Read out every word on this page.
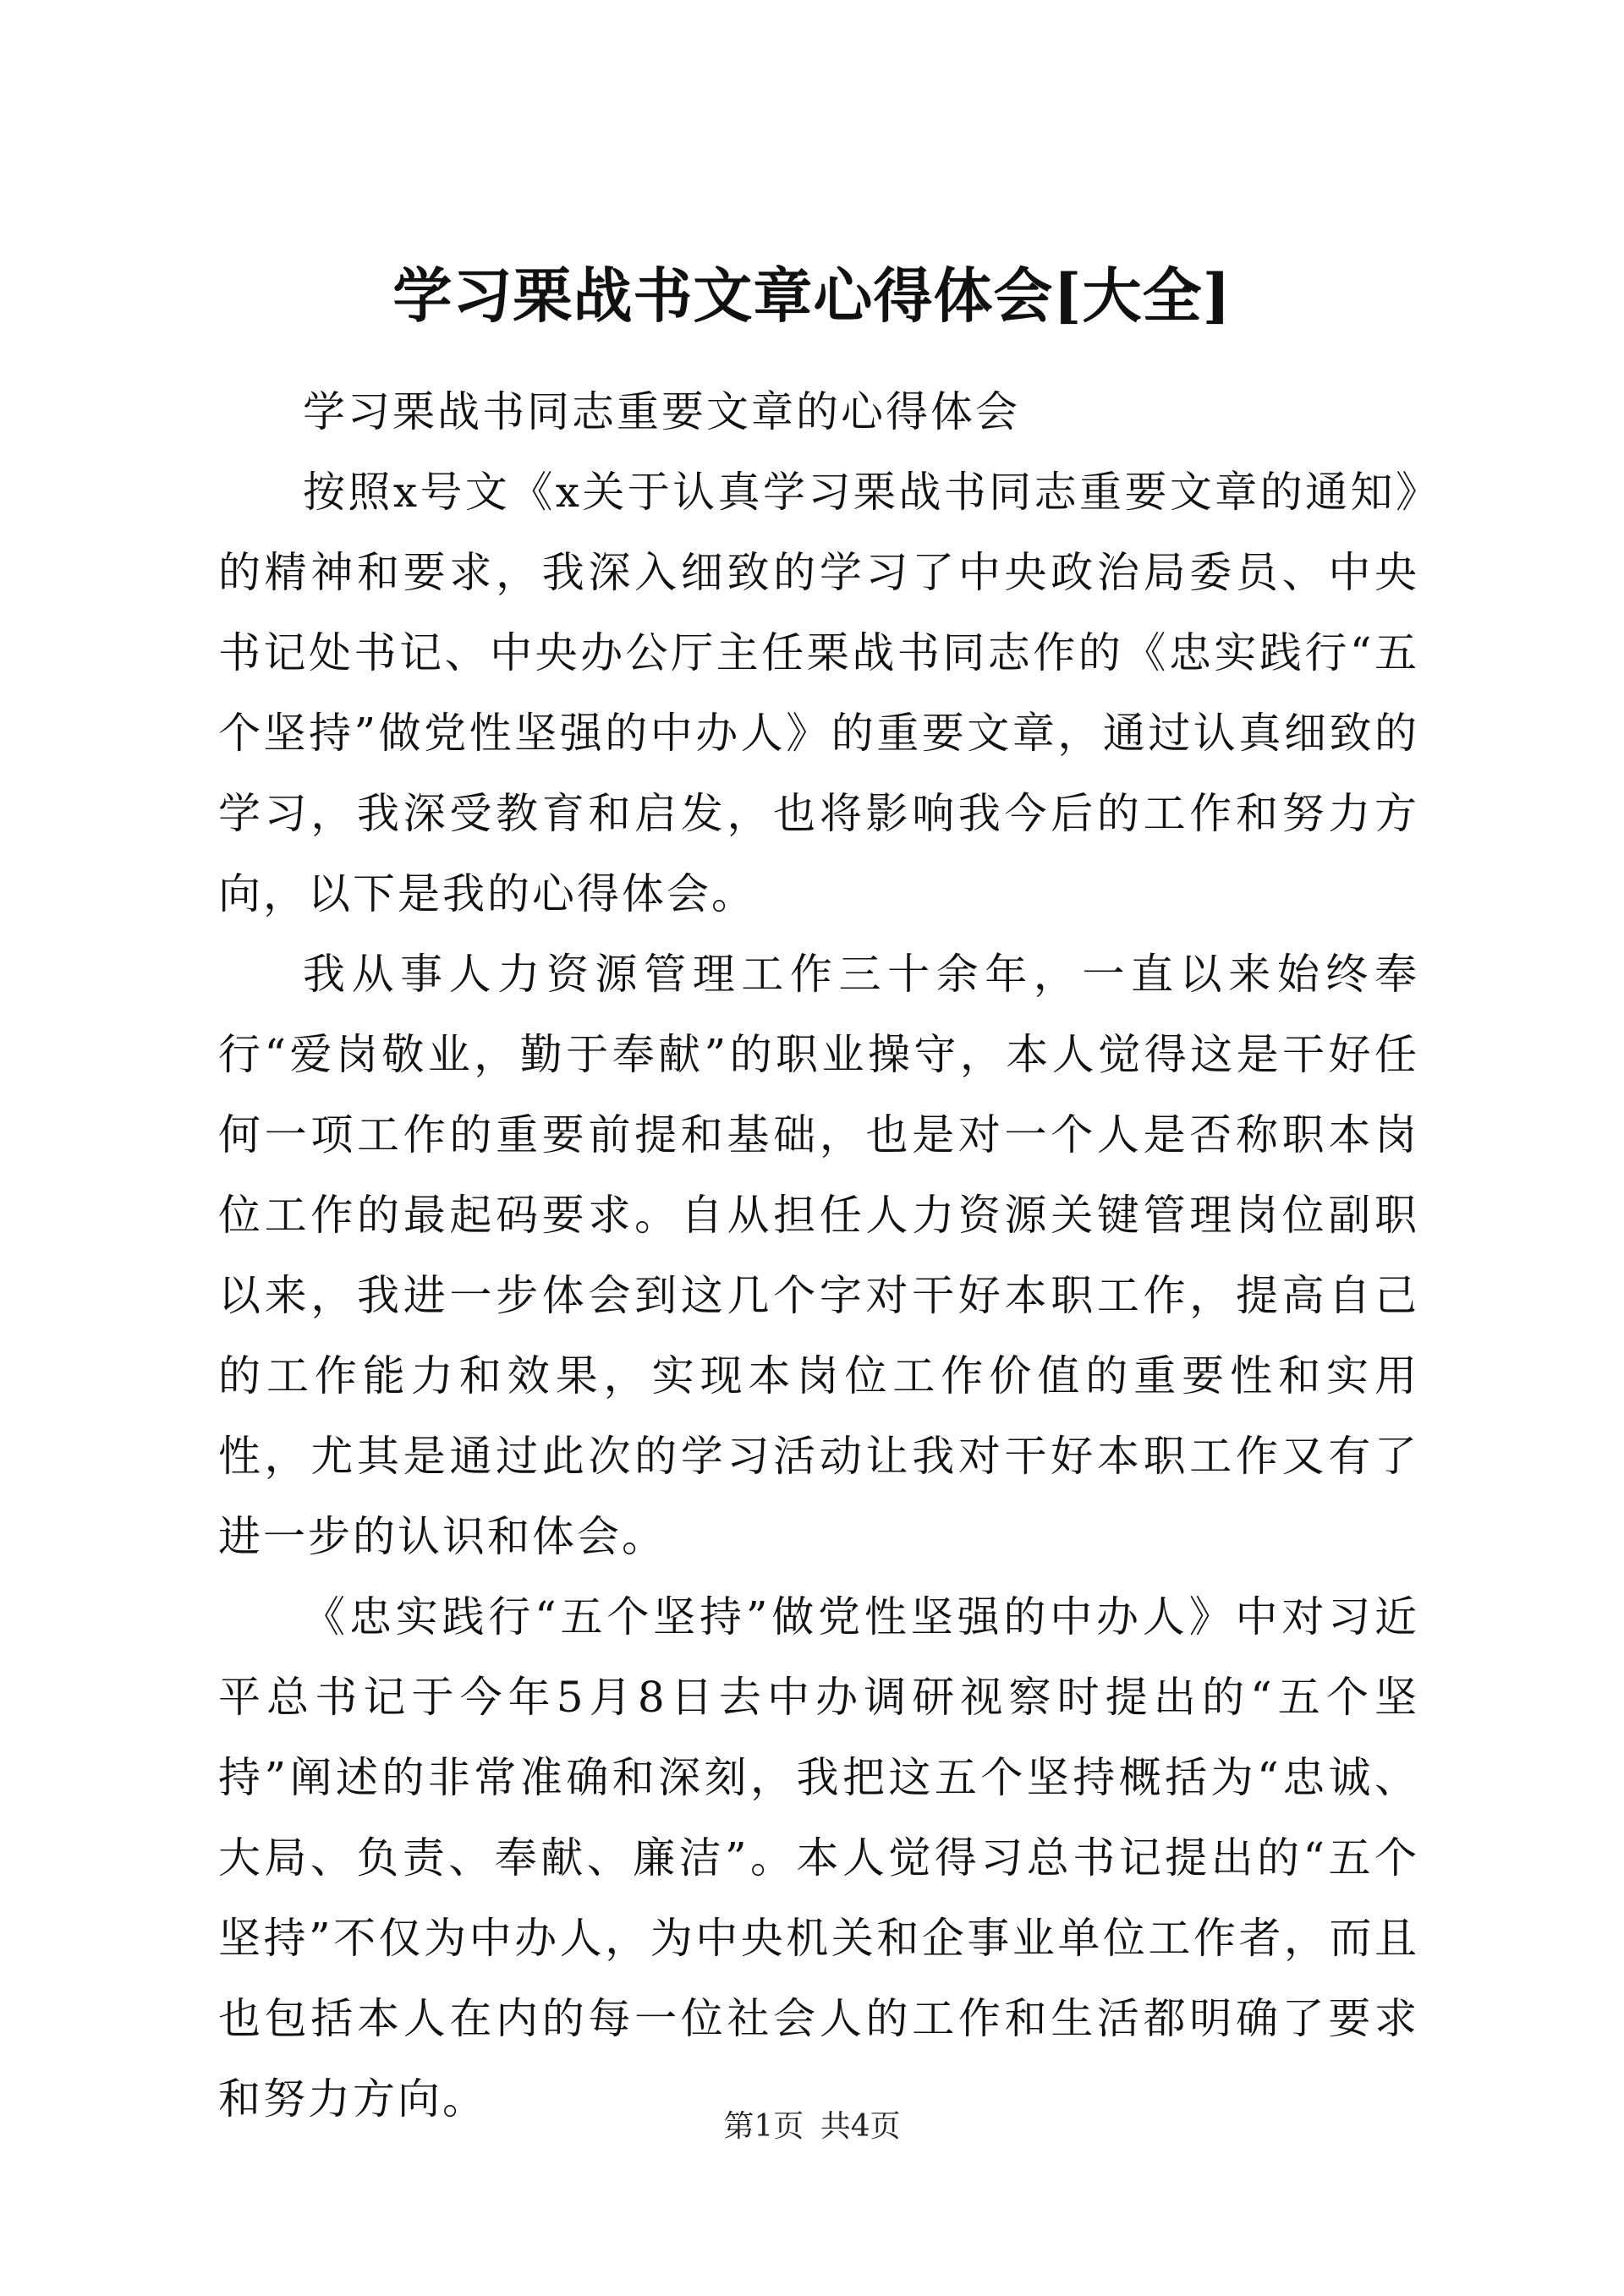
学习栗战书文章心得体会[大全]

学习栗战书同志重要文章的心得体会

按照x号文《x关于认真学习栗战书同志重要文章的通知》的精神和要求，我深入细致的学习了中央政治局委员、中央书记处书记、中央办公厅主任栗战书同志作的《忠实践行“五个坚持”做党性坚强的中办人》的重要文章，通过认真细致的学习，我深受教育和启发，也将影响我今后的工作和努力方向，以下是我的心得体会。

我从事人力资源管理工作三十余年，一直以来始终奉行“爱岗敬业，勤于奉献”的职业操守，本人觉得这是干好任何一项工作的重要前提和基础，也是对一个人是否称职本岗位工作的最起码要求。自从担任人力资源关键管理岗位副职以来，我进一步体会到这几个字对干好本职工作，提高自己的工作能力和效果，实现本岗位工作价值的重要性和实用性，尤其是通过此次的学习活动让我对干好本职工作又有了进一步的认识和体会。

《忠实践行“五个坚持”做党性坚强的中办人》中对习近平总书记于今年5月8日去中办调研视察时提出的“五个坚持”阐述的非常准确和深刻，我把这五个坚持概括为“忠诚、大局、负责、奉献、廉洁”。本人觉得习总书记提出的“五个坚持”不仅为中办人，为中央机关和企事业单位工作者，而且也包括本人在内的每一位社会人的工作和生活都明确了要求和努力方向。

第1页 共4页
